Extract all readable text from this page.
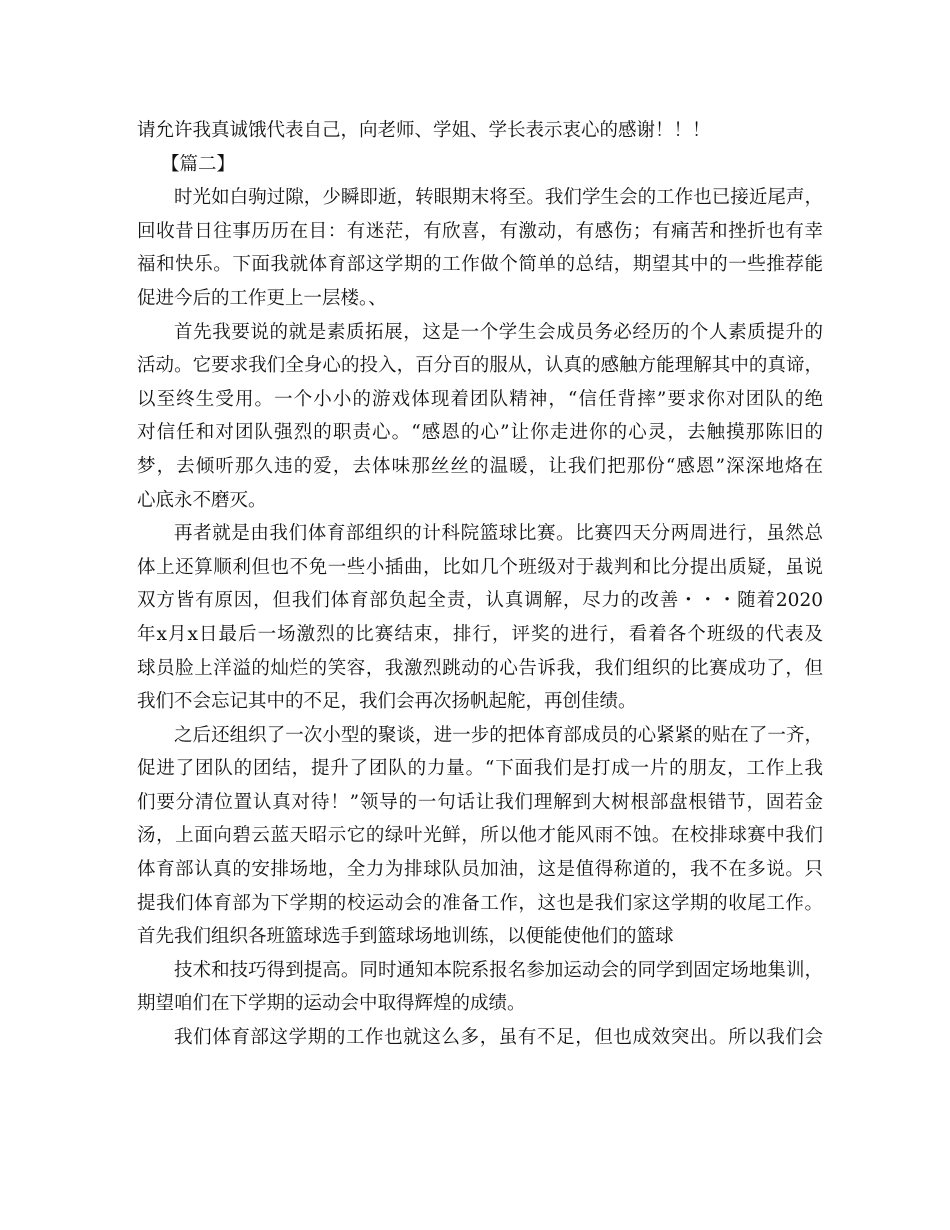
请允许我真诚饿代表自己，向老师、学姐、学长表示衷心的感谢！！！
【篇二】
时光如白驹过隙，少瞬即逝，转眼期末将至。我们学生会的工作也已接近尾声，
回收昔日往事历历在目：有迷茫，有欣喜，有激动，有感伤；有痛苦和挫折也有幸
福和快乐。下面我就体育部这学期的工作做个简单的总结，期望其中的一些推荐能
促进今后的工作更上一层楼。、
首先我要说的就是素质拓展，这是一个学生会成员务必经历的个人素质提升的
活动。它要求我们全身心的投入，百分百的服从，认真的感触方能理解其中的真谛，
以至终生受用。一个小小的游戏体现着团队精神，“信任背摔”要求你对团队的绝
对信任和对团队强烈的职责心。“感恩的心”让你走进你的心灵，去触摸那陈旧的
梦，去倾听那久违的爱，去体味那丝丝的温暖，让我们把那份“感恩”深深地烙在
心底永不磨灭。
再者就是由我们体育部组织的计科院篮球比赛。比赛四天分两周进行，虽然总
体上还算顺利但也不免一些小插曲，比如几个班级对于裁判和比分提出质疑，虽说
双方皆有原因，但我们体育部负起全责，认真调解，尽力的改善・・・随着2020
年x月x日最后一场激烈的比赛结束，排行，评奖的进行，看着各个班级的代表及
球员脸上洋溢的灿烂的笑容，我激烈跳动的心告诉我，我们组织的比赛成功了，但
我们不会忘记其中的不足，我们会再次扬帆起舵，再创佳绩。
之后还组织了一次小型的聚谈，进一步的把体育部成员的心紧紧的贴在了一齐，
促进了团队的团结，提升了团队的力量。“下面我们是打成一片的朋友，工作上我
们要分清位置认真对待！”领导的一句话让我们理解到大树根部盘根错节，固若金
汤，上面向碧云蓝天昭示它的绿叶光鲜，所以他才能风雨不蚀。在校排球赛中我们
体育部认真的安排场地，全力为排球队员加油，这是值得称道的，我不在多说。只
提我们体育部为下学期的校运动会的准备工作，这也是我们家这学期的收尾工作。
首先我们组织各班篮球选手到篮球场地训练，以便能使他们的篮球
技术和技巧得到提高。同时通知本院系报名参加运动会的同学到固定场地集训，
期望咱们在下学期的运动会中取得辉煌的成绩。
我们体育部这学期的工作也就这么多，虽有不足，但也成效突出。所以我们会
